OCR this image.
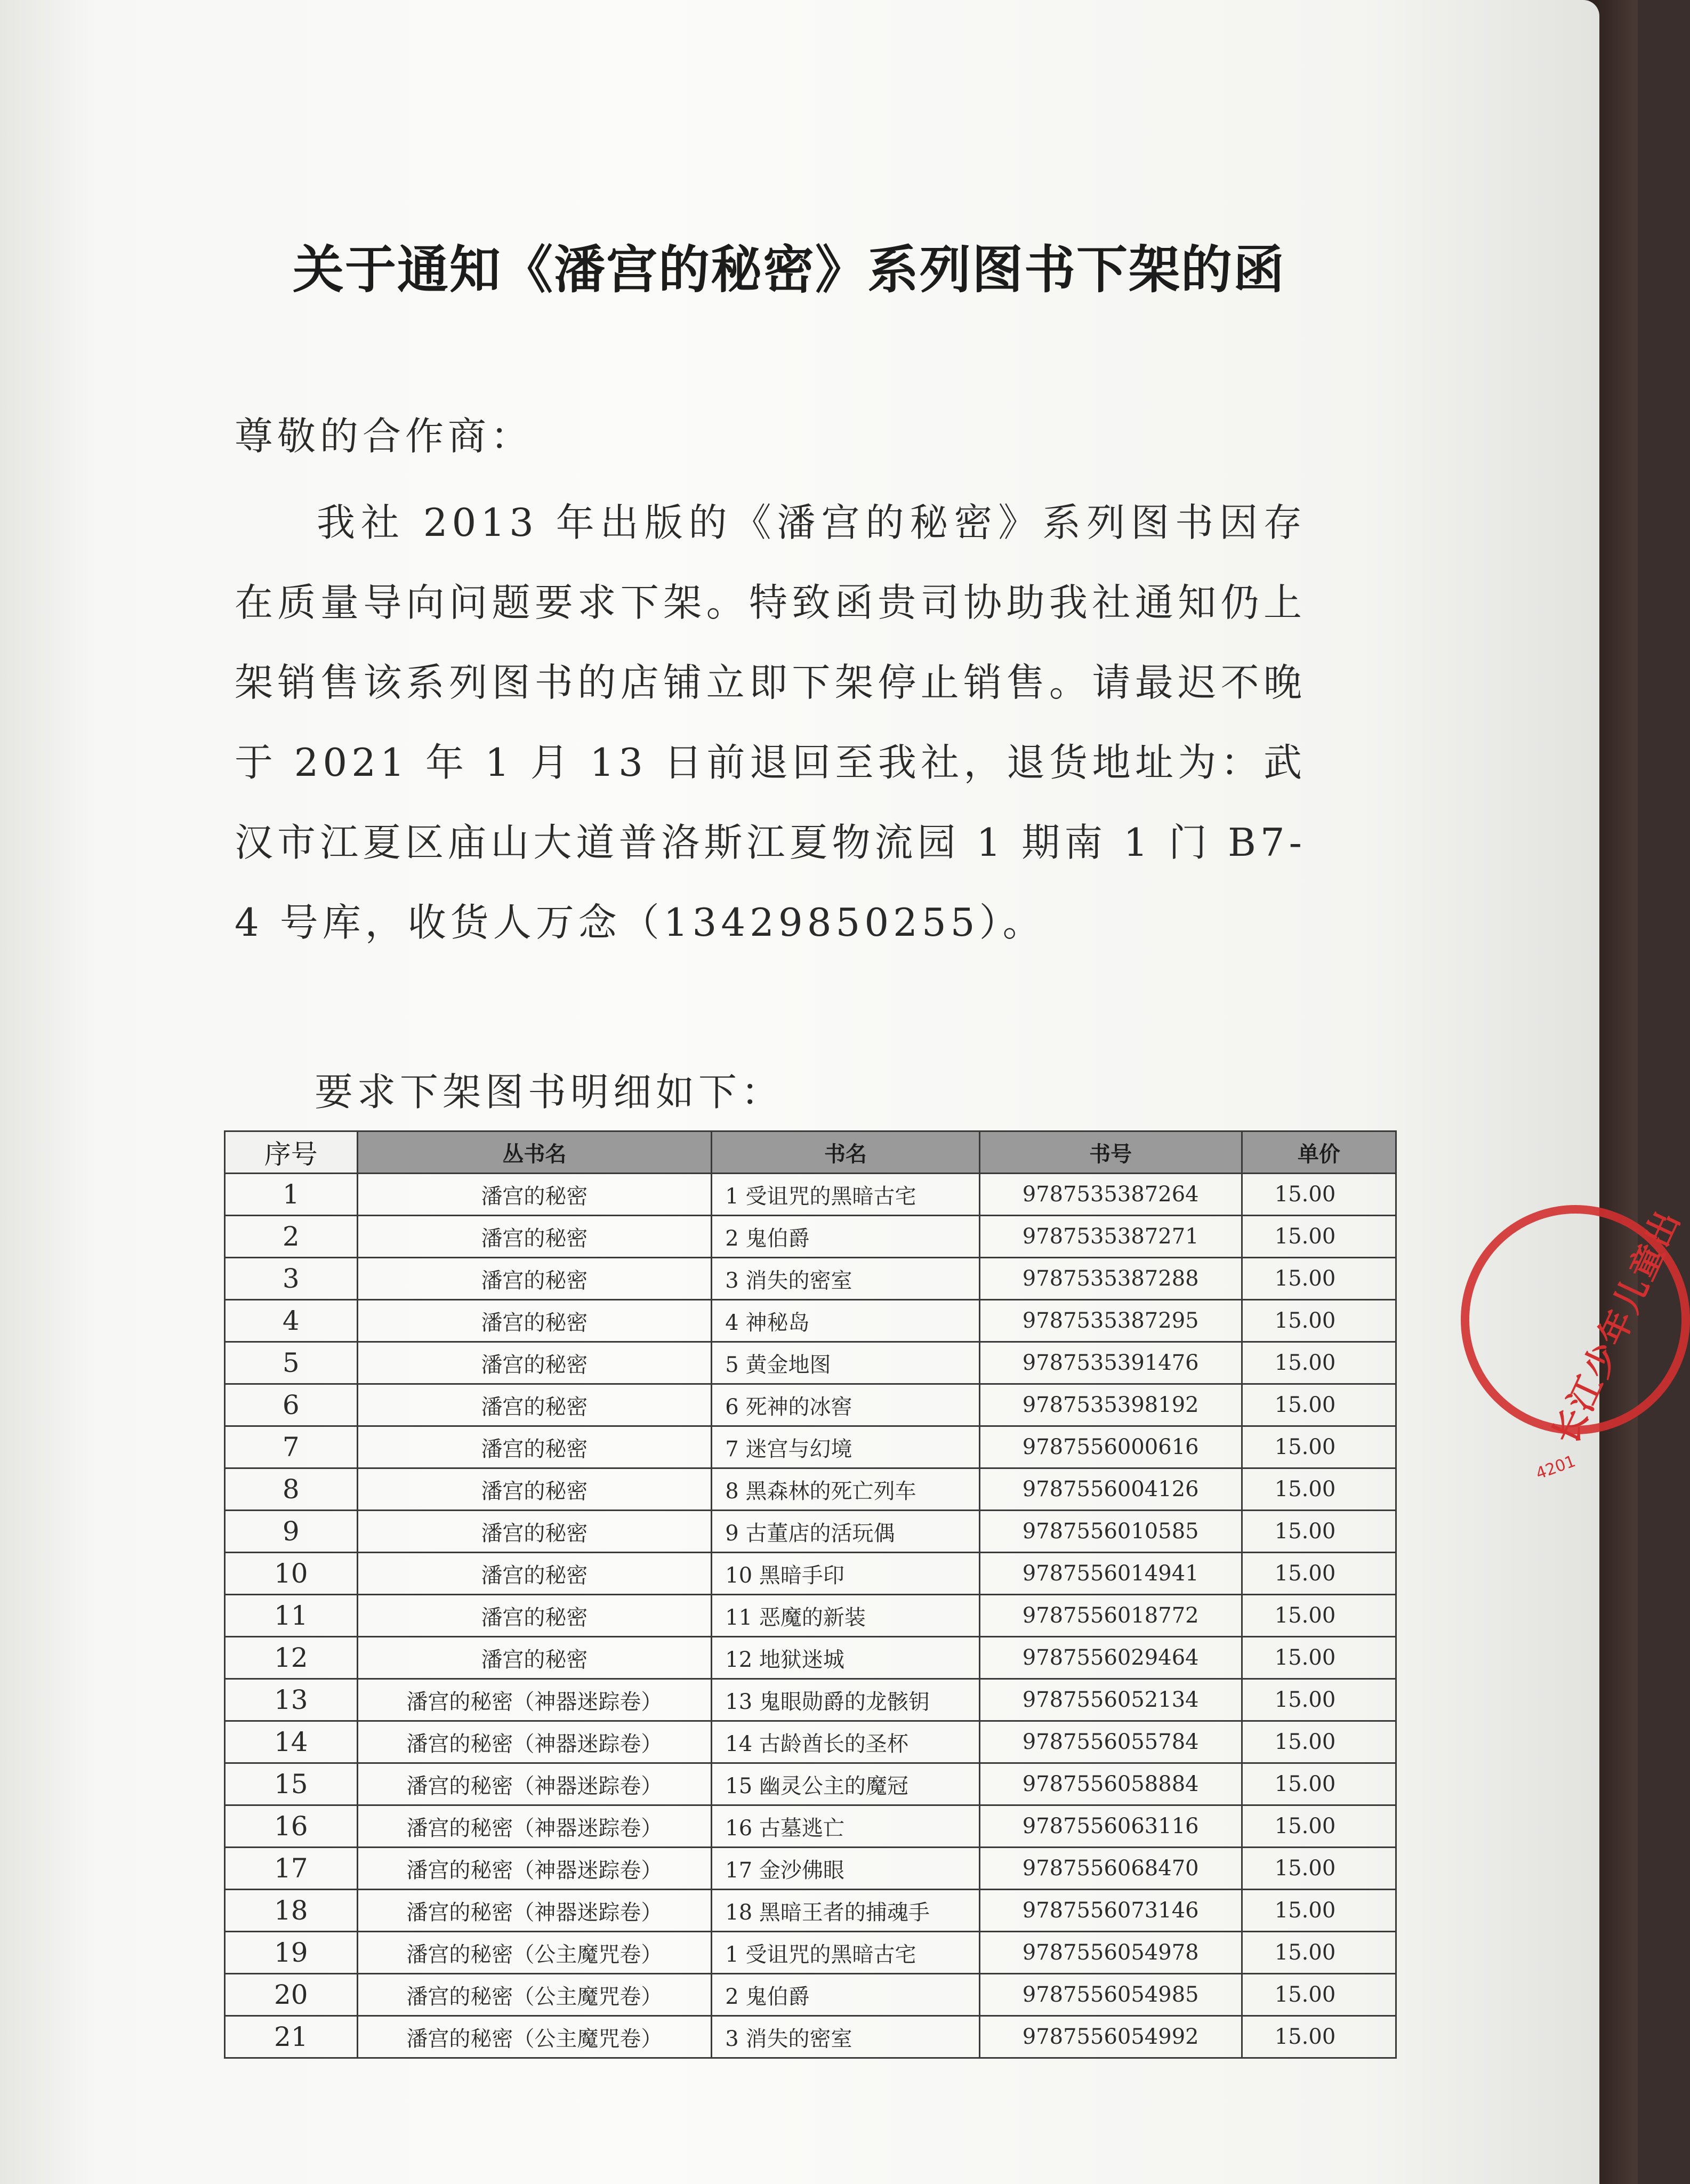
关于通知《潘宫的秘密》系列图书下架的函
尊敬的合作商：
我社 2013 年出版的《潘宫的秘密》系列图书因存在质量导向问题要求下架。特致函贵司协助我社通知仍上架销售该系列图书的店铺立即下架停止销售。请最迟不晚于 2021 年 1 月 13 日前退回至我社，退货地址为：武汉市江夏区庙山大道普洛斯江夏物流园 1 期南 1 门 B7-4 号库，收货人万念（13429850255）。
要求下架图书明细如下：
序号	丛书名	书名	书号	单价
1	潘宫的秘密	1 受诅咒的黑暗古宅	9787535387264	15.00
2	潘宫的秘密	2 鬼伯爵	9787535387271	15.00
3	潘宫的秘密	3 消失的密室	9787535387288	15.00
4	潘宫的秘密	4 神秘岛	9787535387295	15.00
5	潘宫的秘密	5 黄金地图	9787535391476	15.00
6	潘宫的秘密	6 死神的冰窖	9787535398192	15.00
7	潘宫的秘密	7 迷宫与幻境	9787556000616	15.00
8	潘宫的秘密	8 黑森林的死亡列车	9787556004126	15.00
9	潘宫的秘密	9 古董店的活玩偶	9787556010585	15.00
10	潘宫的秘密	10 黑暗手印	9787556014941	15.00
11	潘宫的秘密	11 恶魔的新装	9787556018772	15.00
12	潘宫的秘密	12 地狱迷城	9787556029464	15.00
13	潘宫的秘密（神器迷踪卷）	13 鬼眼勋爵的龙骸钥	9787556052134	15.00
14	潘宫的秘密（神器迷踪卷）	14 古龄酋长的圣杯	9787556055784	15.00
15	潘宫的秘密（神器迷踪卷）	15 幽灵公主的魔冠	9787556058884	15.00
16	潘宫的秘密（神器迷踪卷）	16 古墓逃亡	9787556063116	15.00
17	潘宫的秘密（神器迷踪卷）	17 金沙佛眼	9787556068470	15.00
18	潘宫的秘密（神器迷踪卷）	18 黑暗王者的捕魂手	9787556073146	15.00
19	潘宫的秘密（公主魔咒卷）	1 受诅咒的黑暗古宅	9787556054978	15.00
20	潘宫的秘密（公主魔咒卷）	2 鬼伯爵	9787556054985	15.00
21	潘宫的秘密（公主魔咒卷）	3 消失的密室	9787556054992	15.00
长江少年儿童出
4201
